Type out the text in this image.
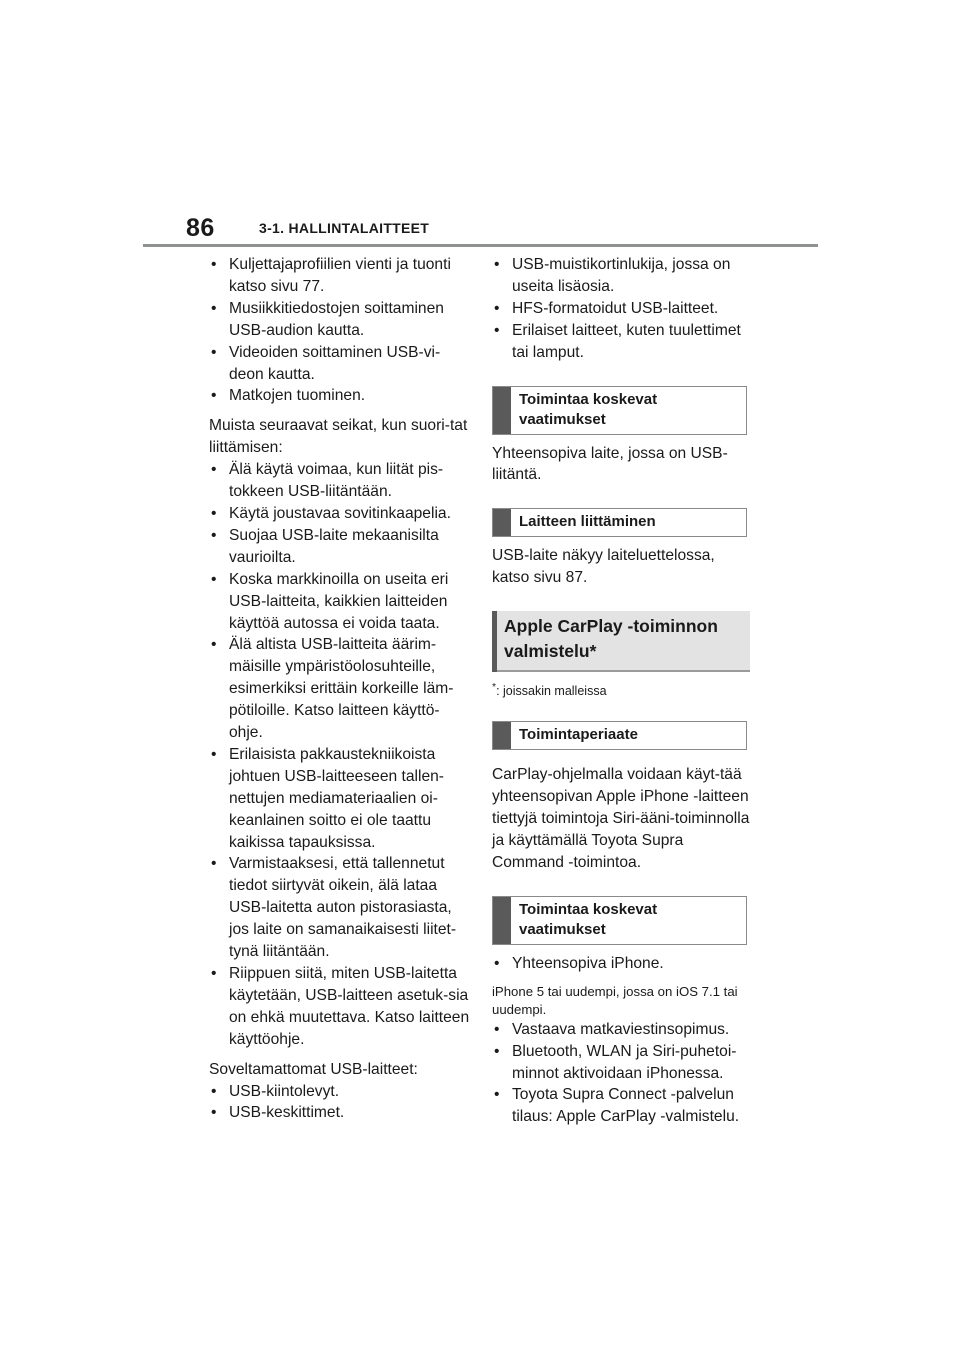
86	3-1. HALLINTALAITTEET
• Kuljettajaprofiilien vienti ja tuonti katso sivu 77.
• Musiikkitiedostojen soittaminen USB-audion kautta.
• Videoiden soittaminen USB-vi-deon kautta.
• Matkojen tuominen.

Muista seuraavat seikat, kun suori-tat liittämisen:

• Älä käytä voimaa, kun liität pis-tokkeen USB-liitäntään.
• Käytä joustavaa sovitinkaapelia.
• Suojaa USB-laite mekaanisilta vaurioilta.
• Koska markkinoilla on useita eri USB-laitteita, kaikkien laitteiden käyttöä autossa ei voida taata.
• Älä altista USB-laitteita äärim-mäisille ympäristöolosuhteille, esimerkiksi erittäin korkeille läm-pötiloille. Katso laitteen käyttö-ohje.
• Erilaisista pakkaustekniikoista johtuen USB-laitteeseen tallen-nettujen mediamateriaalien oi-keanlainen soitto ei ole taattu kaikissa tapauksissa.
• Varmistaaksesi, että tallennetut tiedot siirtyvät oikein, älä lataa USB-laitetta auton pistorasiasta, jos laite on samanaikaisesti liitet-tynä liitäntään.
• Riippuen siitä, miten USB-laitetta käytetään, USB-laitteen asetuk-sia on ehkä muutettava. Katso laitteen käyttöohje.

Soveltamattomat USB-laitteet:

• USB-kiintolevyt.
• USB-keskittimet.
• USB-muistikortinlukija, jossa on useita lisäosia.
• HFS-formatoidut USB-laitteet.
• Erilaiset laitteet, kuten tuulettimet tai lamput.
Toimintaa koskevat vaatimukset

Yhteensopiva laite, jossa on USB-liitäntä.

Laitteen liittäminen

USB-laite näkyy laiteluettelossa, katso sivu 87.

Apple CarPlay -toiminnon valmistelu*

*: joissakin malleissa

Toimintaperiaate

CarPlay-ohjelmalla voidaan käyt-tää yhteensopivan Apple iPhone -laitteen tiettyjä toimintoja Siri-ääni-toiminnolla ja käyttämällä Toyota Supra Command -toimintoa.

Toimintaa koskevat vaatimukset
• Yhteensopiva iPhone.

iPhone 5 tai uudempi, jossa on iOS 7.1 tai uudempi.

• Vastaava matkaviestinsopimus.
• Bluetooth, WLAN ja Siri-puhetoi-minnot aktivoidaan iPhonessa.
• Toyota Supra Connect -palvelun tilaus: Apple CarPlay -valmistelu.
